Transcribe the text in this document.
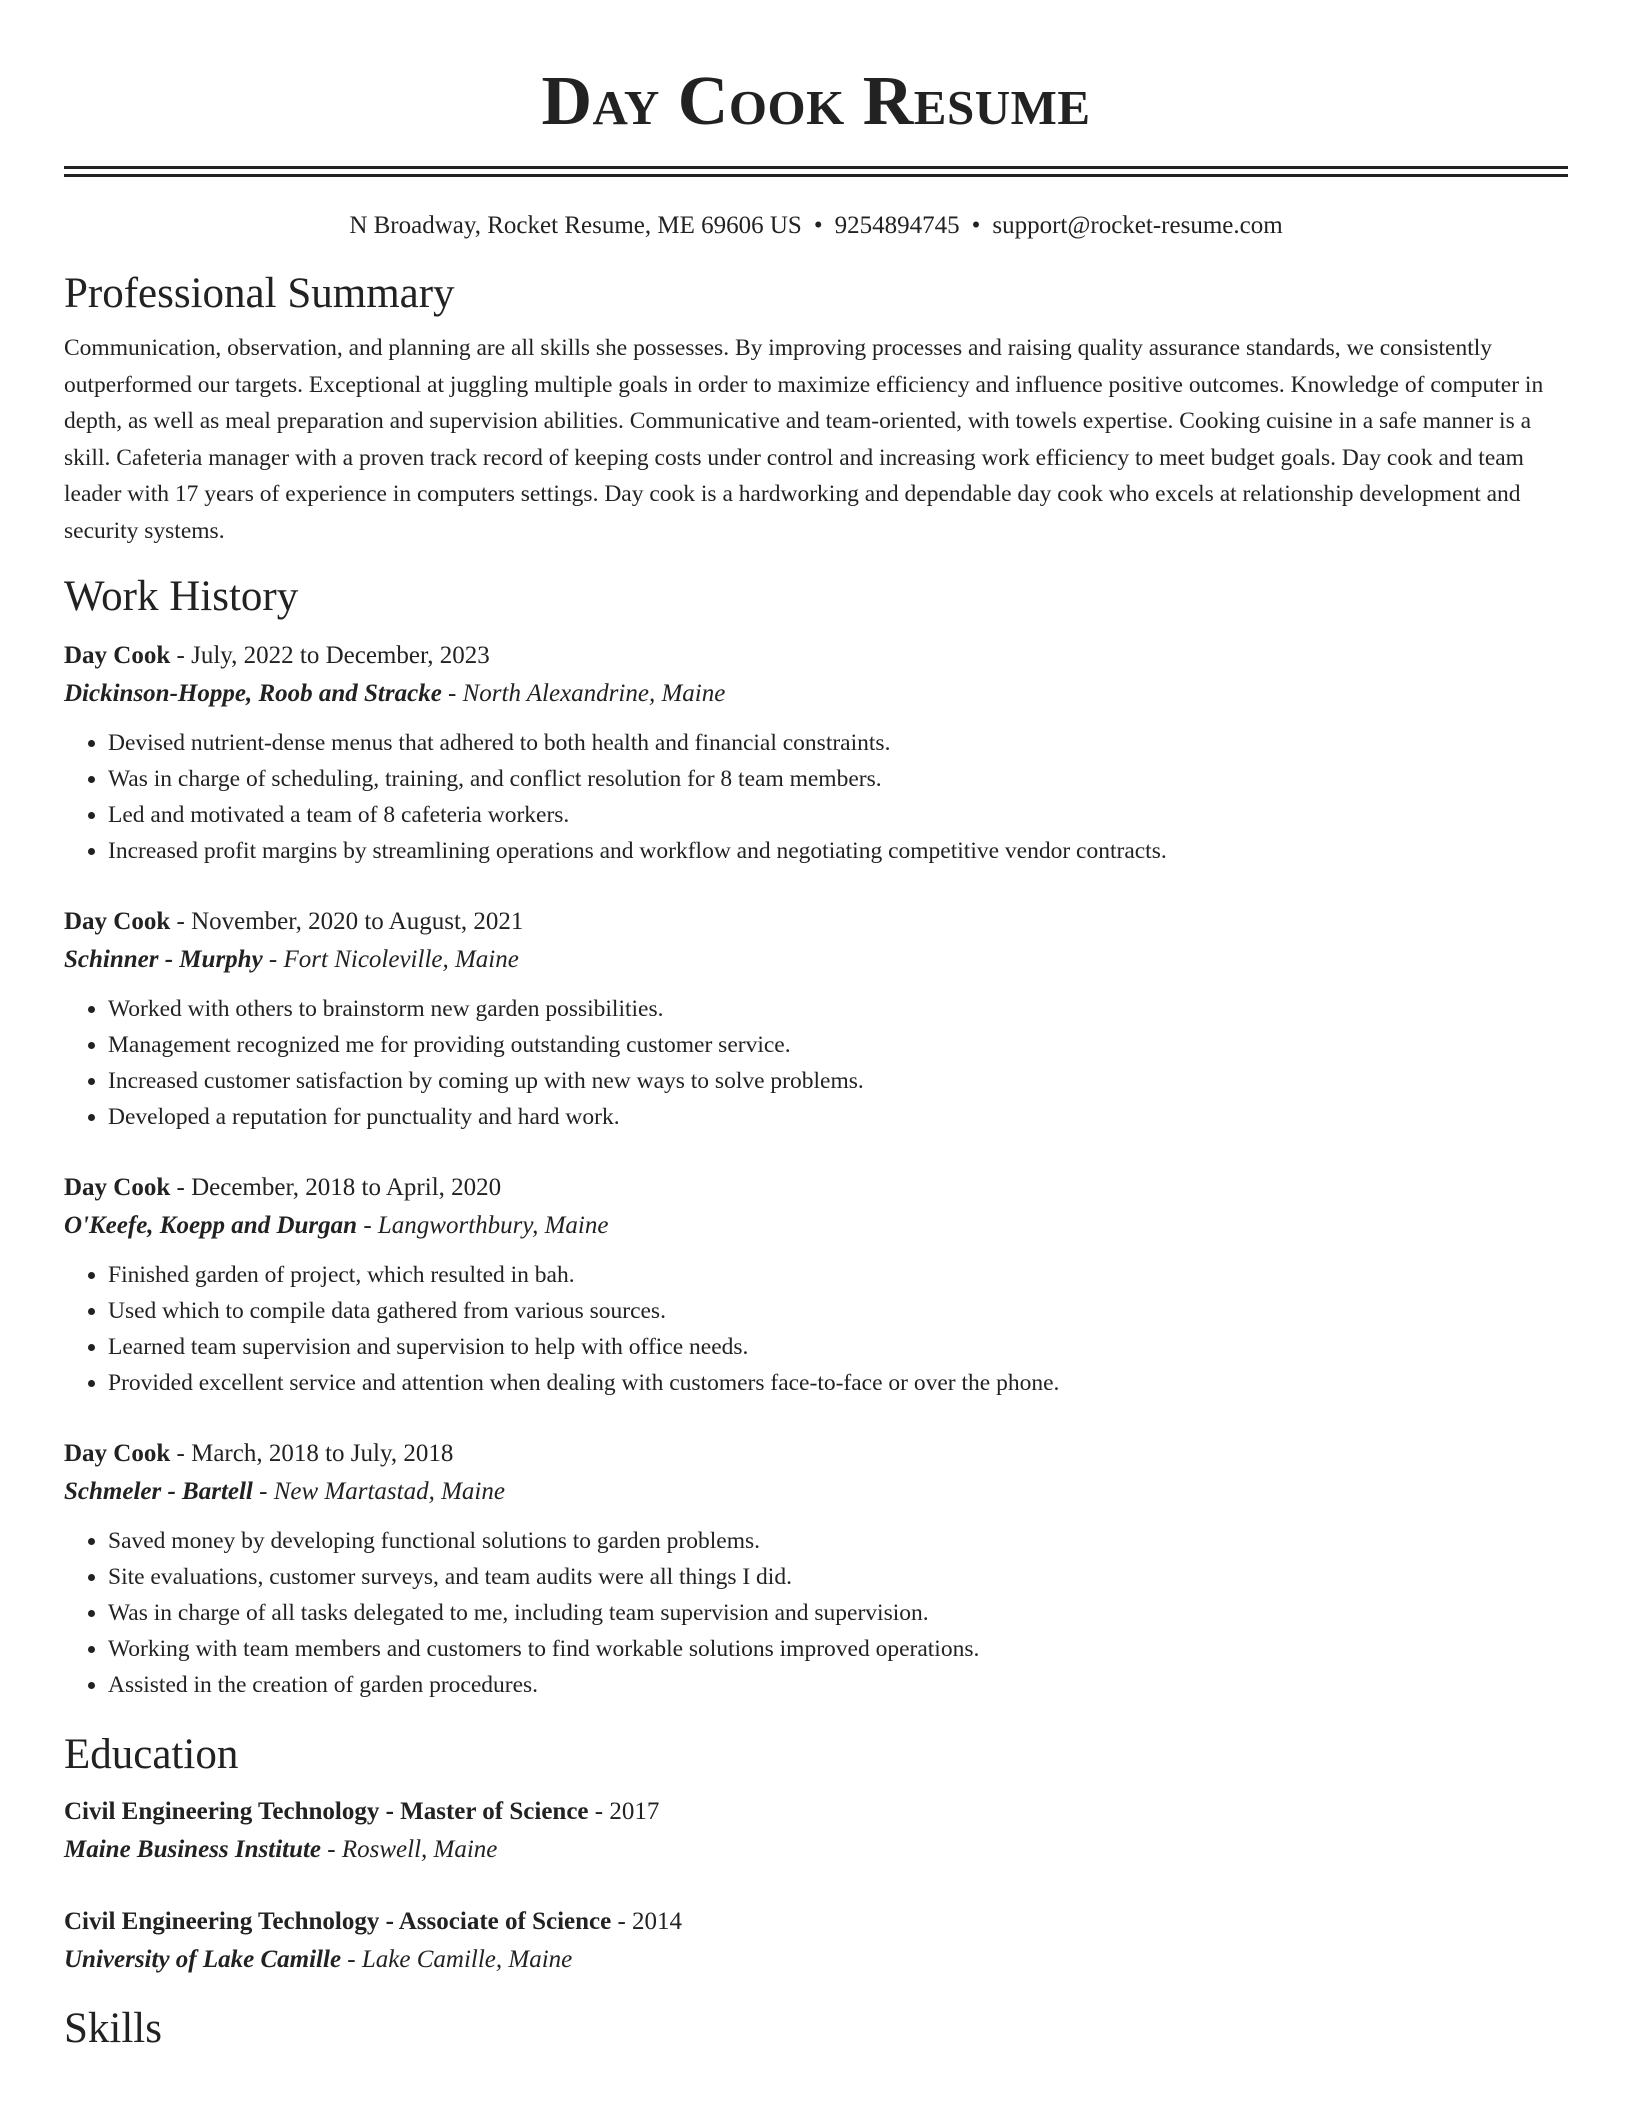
Day Cook Resume
N Broadway, Rocket Resume, ME 69606 US • 9254894745 • support@rocket-resume.com
Professional Summary
Communication, observation, and planning are all skills she possesses. By improving processes and raising quality assurance standards, we consistently outperformed our targets. Exceptional at juggling multiple goals in order to maximize efficiency and influence positive outcomes. Knowledge of computer in depth, as well as meal preparation and supervision abilities. Communicative and team-oriented, with towels expertise. Cooking cuisine in a safe manner is a skill. Cafeteria manager with a proven track record of keeping costs under control and increasing work efficiency to meet budget goals. Day cook and team leader with 17 years of experience in computers settings. Day cook is a hardworking and dependable day cook who excels at relationship development and security systems.
Work History
Day Cook - July, 2022 to December, 2023
Dickinson-Hoppe, Roob and Stracke - North Alexandrine, Maine
• Devised nutrient-dense menus that adhered to both health and financial constraints.
• Was in charge of scheduling, training, and conflict resolution for 8 team members.
• Led and motivated a team of 8 cafeteria workers.
• Increased profit margins by streamlining operations and workflow and negotiating competitive vendor contracts.
Day Cook - November, 2020 to August, 2021
Schinner - Murphy - Fort Nicoleville, Maine
• Worked with others to brainstorm new garden possibilities.
• Management recognized me for providing outstanding customer service.
• Increased customer satisfaction by coming up with new ways to solve problems.
• Developed a reputation for punctuality and hard work.
Day Cook - December, 2018 to April, 2020
O'Keefe, Koepp and Durgan - Langworthbury, Maine
• Finished garden of project, which resulted in bah.
• Used which to compile data gathered from various sources.
• Learned team supervision and supervision to help with office needs.
• Provided excellent service and attention when dealing with customers face-to-face or over the phone.
Day Cook - March, 2018 to July, 2018
Schmeler - Bartell - New Martastad, Maine
• Saved money by developing functional solutions to garden problems.
• Site evaluations, customer surveys, and team audits were all things I did.
• Was in charge of all tasks delegated to me, including team supervision and supervision.
• Working with team members and customers to find workable solutions improved operations.
• Assisted in the creation of garden procedures.
Education
Civil Engineering Technology - Master of Science - 2017
Maine Business Institute - Roswell, Maine
Civil Engineering Technology - Associate of Science - 2014
University of Lake Camille - Lake Camille, Maine
Skills
